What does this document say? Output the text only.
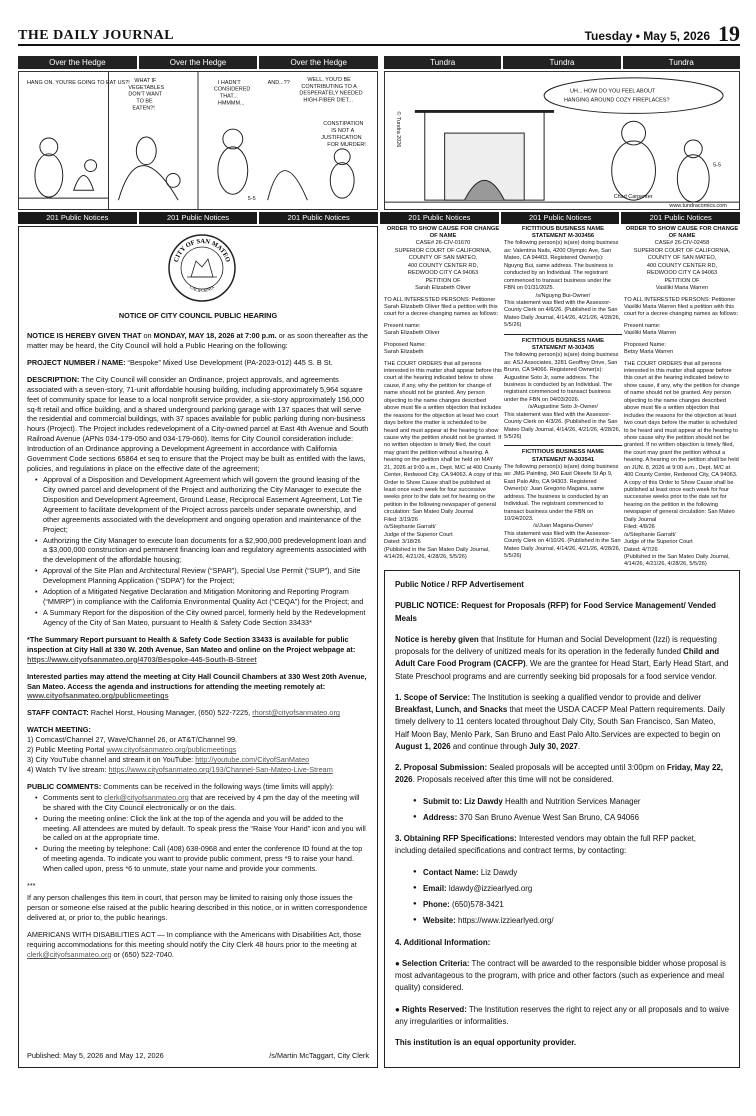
THE DAILY JOURNAL	Tuesday • May 5, 2026 19
Over the Hedge	Over the Hedge	Over the Hedge
HANG ON. YOU'RE GOING TO EAT US?! WHAT IF
VEGETABLES
DON'T WANT
TO BE
EATEN?!
I HADN'T
CONSIDERED
THAT...
HMMMM...
5-5
AND...??	WELL, YOU'D BE
CONTRIBUTING TO A
DESPERATELY NEEDED
HIGH-FIBER DIET...
CONSTIPATION
IS NOT A
JUSTIFICATION
FOR MURDER!
Tundra	Tundra	Tundra
UH... HOW DO YOU FEEL ABOUT
HANGING AROUND COZY FIREPLACES?
© Tundra 2026
5-5
Chad Carpenter
www.tundracomics.com
201 Public Notices	201 Public Notices	201 Public Notices	201 Public Notices	201 Public Notices	201 Public Notices
CITY OF SAN MATEO
CALIFORNIA
NOTICE OF CITY COUNCIL PUBLIC HEARING

NOTICE IS HEREBY GIVEN THAT on MONDAY, MAY 18, 2026 at 7:00 p.m. or as soon thereafter as the matter may be heard, the City Council will hold a Public Hearing on the following:

PROJECT NUMBER / NAME: “Bespoke” Mixed Use Development (PA-2023-012) 445 S. B St.

DESCRIPTION: The City Council will consider an Ordinance, project approvals, and agreements associated with a seven-story, 71-unit affordable housing building, including approximately 5,964 square feet of community space for lease to a local nonprofit service provider, a six-story approximately 156,000 sq-ft retail and office building, and a shared underground parking garage with 137 spaces that will serve the residential and commercial buildings, with 37 spaces available for public parking during non-business hours (Project). The Project includes redevelopment of a City-owned parcel at East 4th Avenue and South Railroad Avenue (APNs 034-179-050 and 034-179-060). Items for City Council consideration include: Introduction of an Ordinance approving a Development Agreement in accordance with California Government Code sections 65864 et seq to ensure that the Project may be built as entitled with the laws, policies, and regulations in place on the effective date of the agreement;

• Approval of a Disposition and Development Agreement which will govern the ground leasing of the City owned parcel and development of the Project and authorizing the City Manager to execute the Disposition and Development Agreement, Ground Lease, Reciprocal Easement Agreement, Lot Tie Agreement to facilitate development of the Project across parcels under separate ownership, and other agreements associated with the development and ongoing operation and maintenance of the Project;
• Authorizing the City Manager to execute loan documents for a $2,900,000 predevelopment loan and a $3,000,000 construction and permanent financing loan and regulatory agreements associated with the development of the affordable housing;
• Approval of the Site Plan and Architectural Review (“SPAR”), Special Use Permit (“SUP”), and Site Development Planning Application (“SDPA”) for the Project;
• Adoption of a Mitigated Negative Declaration and Mitigation Monitoring and Reporting Program (“MMRP”) in compliance with the California Environmental Quality Act (“CEQA”) for the Project; and
• A Summary Report for the disposition of the City owned parcel, formerly held by the Redevelopment Agency of the City of San Mateo, pursuant to Health & Safety Code Section 33433*

*The Summary Report pursuant to Health & Safety Code Section 33433 is available for public inspection at City Hall at 330 W. 20th Avenue, San Mateo and online on the Project webpage at: https://www.cityofsanmateo.org/4703/Bespoke-445-South-B-Street

Interested parties may attend the meeting at City Hall Council Chambers at 330 West 20th Avenue, San Mateo. Access the agenda and instructions for attending the meeting remotely at: www.cityofsanmateo.org/publicmeetings

STAFF CONTACT: Rachel Horst, Housing Manager, (650) 522-7225, rhorst@cityofsanmateo.org

WATCH MEETING:
1) Comcast/Channel 27, Wave/Channel 26, or AT&T/Channel 99.
2) Public Meeting Portal www.cityofsanmateo.org/publicmeetings
3) City YouTube channel and stream it on YouTube: http://youtube.com/CityofSanMateo
4) Watch TV live stream: https://www.cityofsanmateo.org/193/Channel-San-Mateo-Live-Stream

PUBLIC COMMENTS: Comments can be received in the following ways (time limits will apply):

• Comments sent to clerk@cityofsanmateo.org that are received by 4 pm the day of the meeting will be shared with the City Council electronically or on the dais.
• During the meeting online: Click the link at the top of the agenda and you will be added to the meeting. All attendees are muted by default. To speak press the “Raise Your Hand” icon and you will be called on at the appropriate time.
• During the meeting by telephone: Call (408) 638-0968 and enter the conference ID found at the top of meeting agenda. To indicate you want to provide public comment, press *9 to raise your hand. When called upon, press *6 to unmute, state your name and provide your comments.

***

If any person challenges this item in court, that person may be limited to raising only those issues the person or someone else raised at the public hearing described in this notice, or in written correspondence delivered at, or prior to, the public hearings.

AMERICANS WITH DISABILITIES ACT — In compliance with the Americans with Disabilities Act, those requiring accommodations for this meeting should notify the City Clerk 48 hours prior to the meeting at clerk@cityofsanmateo.org or (650) 522-7040.

Published: May 5, 2026 and May 12, 2026	/s/Martin McTaggart, City Clerk
ORDER TO SHOW CAUSE FOR CHANGE OF NAME
CASE# 26-CIV-01670
SUPERIOR COURT OF CALIFORNIA,
COUNTY OF SAN MATEO,
400 COUNTY CENTER RD,
REDWOOD CITY CA 94063
PETITION OF
Sarah Elizabeth Oliver

TO ALL INTERESTED PERSONS: Petitioner Sarah Elizabeth Oliver filed a petition with this court for a decree changing names as follows:

Present name:
Sarah Elizabeth Oliver

Proposed Name:
Sarah Elizabeth

THE COURT ORDERS that all persons interested in this matter shall appear before this court at the hearing indicated below to show cause, if any, why the petition for change of name should not be granted. Any person objecting to the name changes described above must file a written objection that includes the reasons for the objection at least two court days before the matter is scheduled to be heard and must appear at the hearing to show cause why the petition should not be granted. If no written objection is timely filed, the court may grant the petition without a hearing. A hearing on the petition shall be held on MAY 21, 2026 at 9:00 a.m., Dept. M/C at 400 County Center, Redwood City, CA 94063. A copy of this Order to Show Cause shall be published at least once each week for four successive weeks prior to the date set for hearing on the petition in the following newspaper of general circulation: San Mateo Daily Journal

Filed: 3/19/26
/s/Stephanie Garratt/
Judge of the Superior Court
Dated: 3/18/26
(Published in the San Mateo Daily Journal, 4/14/26, 4/21/26, 4/28/26, 5/5/26)
FICTITIOUS BUSINESS NAME STATEMENT M-303456

The following person(s) is(are) doing business as: Valentina Nails, 4200 Olympic Ave, San Mateo, CA 94403. Registered Owner(s): Nguyng Bui, same address. The business is conducted by an Individual. The registrant commenced to transact business under the FBN on 01/31/2025.

/s/Nguyng Bui-Owner/
This statement was filed with the Assessor-County Clerk on 4/6/26. (Published in the San Mateo Daily Journal, 4/14/26, 4/21/26, 4/28/26, 5/5/26)
FICTITIOUS BUSINESS NAME STATEMENT M-303435

The following person(s) is(are) doing business as: ASJ Associates, 3281 Geoffrey Drive, San Bruno, CA 94066. Registered Owner(s): Augustine Soto Jr, same address. The business is conducted by an Individual. The registrant commenced to transact business under the FBN on 04/03/2026.

/s/Augustine Soto Jr-Owner/
This statement was filed with the Assessor-County Clerk on 4/3/26. (Published in the San Mateo Daily Journal, 4/14/26, 4/21/26, 4/28/26, 5/5/26)
FICTITIOUS BUSINESS NAME STATEMENT M-303541

The following person(s) is(are) doing business as: JMG Painting, 340 East Okeefe St Ap 9, East Palo Alto, CA 94303. Registered Owner(s): Juan Gregorio Magana, same address. The business is conducted by an Individual. The registrant commenced to transact business under the FBN on 10/24/2023.

/s/Juan Magana-Owner/
This statement was filed with the Assessor-County Clerk on 4/10/26. (Published in the San Mateo Daily Journal, 4/14/26, 4/21/26, 4/28/26, 5/5/26)
ORDER TO SHOW CAUSE FOR CHANGE OF NAME
CASE# 26-CIV-02458
SUPERIOR COURT OF CALIFORNIA,
COUNTY OF SAN MATEO,
400 COUNTY CENTER RD,
REDWOOD CITY CA 94063
PETITION OF
Vasiliki Maria Warren

TO ALL INTERESTED PERSONS: Petitioner Vasiliki Maria Warren filed a petition with this court for a decree changing names as follows:

Present name:
Vasiliki Maria Warren

Proposed Name:
Betsy Maria Warren

THE COURT ORDERS that all persons interested in this matter shall appear before this court at the hearing indicated below to show cause, if any, why the petition for change of name should not be granted. Any person objecting to the name changes described above must file a written objection that includes the reasons for the objection at least two court days before the matter is scheduled to be heard and must appear at the hearing to show cause why the petition should not be granted. If no written objection is timely filed, the court may grant the petition without a hearing. A hearing on the petition shall be held on JUN. 8, 2026 at 9:00 a.m., Dept. M/C at 400 County Center, Redwood City, CA 94063. A copy of this Order to Show Cause shall be published at least once each week for four successive weeks prior to the date set for hearing on the petition in the following newspaper of general circulation: San Mateo Daily Journal

Filed: 4/8/26
/s/Stephanie Garratt/
Judge of the Superior Court
Dated: 4/7/26
(Published in the San Mateo Daily Journal, 4/14/26, 4/21/26, 4/28/26, 5/5/26)

Public Notice / RFP Advertisement

PUBLIC NOTICE: Request for Proposals (RFP) for Food Service Management/ Vended Meals

Notice is hereby given that Institute for Human and Social Development (Izzi) is requesting proposals for the delivery of unitized meals for its operation in the federally funded Child and Adult Care Food Program (CACFP). We are the grantee for Head Start, Early Head Start, and State Preschool programs and are currently seeking bid proposals for a food service vendor.

1. Scope of Service: The Institution is seeking a qualified vendor to provide and deliver Breakfast, Lunch, and Snacks that meet the USDA CACFP Meal Pattern requirements. Daily timely delivery to 11 centers located throughout Daly City, South San Francisco, San Mateo, Half Moon Bay, Menlo Park, San Bruno and East Palo Alto.Services are expected to begin on August 1, 2026 and continue through July 30, 2027.

2. Proposal Submission: Sealed proposals will be accepted until 3:00pm on Friday, May 22, 2026. Proposals received after this time will not be considered.

● Submit to: Liz Dawdy Health and Nutrition Services Manager
● Address: 370 San Bruno Avenue West San Bruno, CA 94066

3. Obtaining RFP Specifications: Interested vendors may obtain the full RFP packet, including detailed specifications and contract terms, by contacting:

● Contact Name: Liz Dawdy
● Email: ldawdy@izziearlyed.org
● Phone: (650)578-3421
● Website: https://www.izziearlyed.org/

4. Additional Information:

● Selection Criteria: The contract will be awarded to the responsible bidder whose proposal is most advantageous to the program, with price and other factors (such as experience and meal quality) considered.

● Rights Reserved: The Institution reserves the right to reject any or all proposals and to waive any irregularities or informalities.

This institution is an equal opportunity provider.
